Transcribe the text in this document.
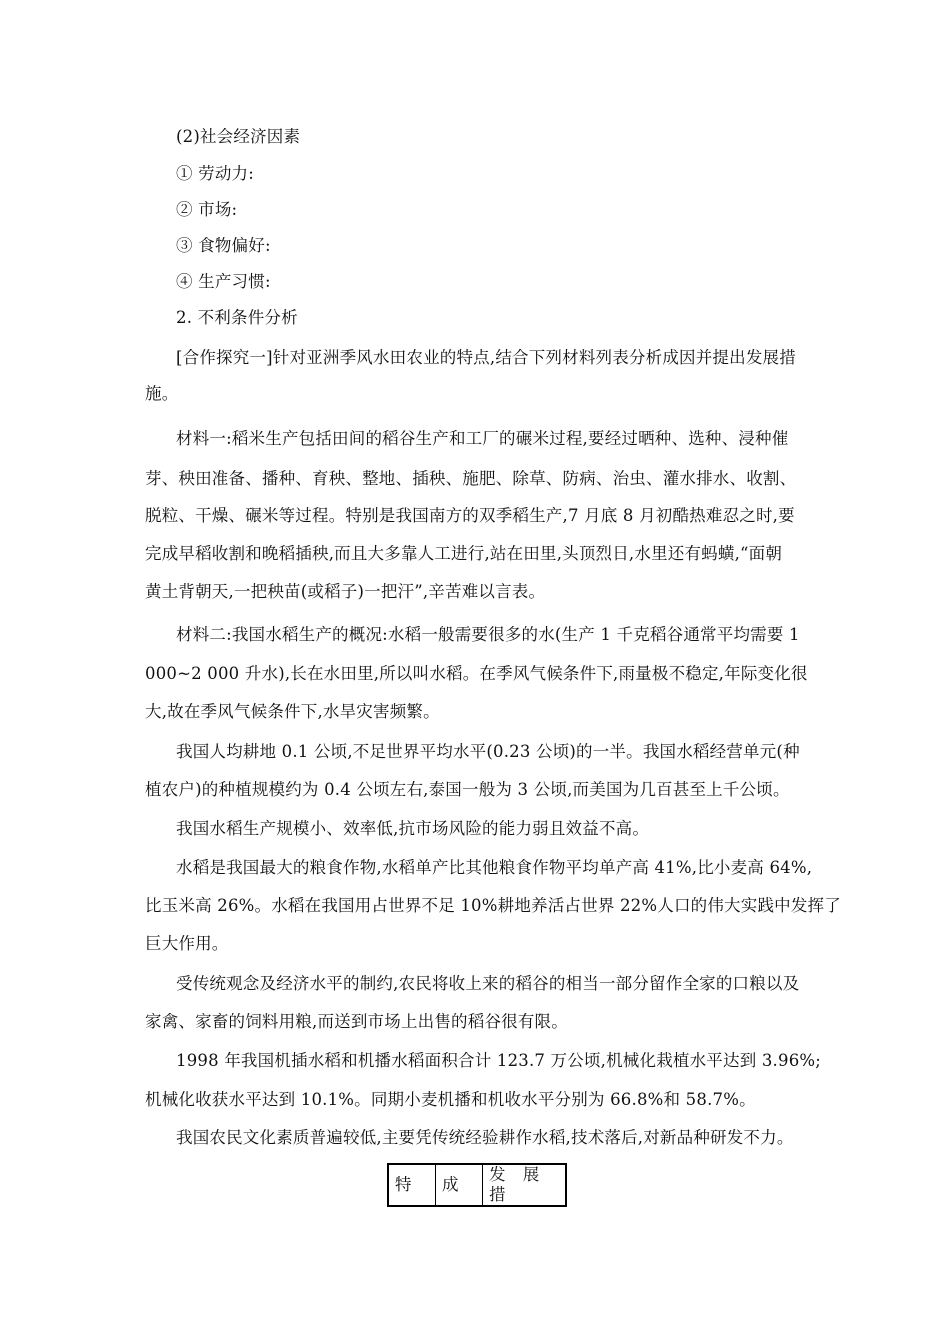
(2)社会经济因素
① 劳动力:
② 市场:
③ 食物偏好:
④ 生产习惯:
2. 不利条件分析
[合作探究一]针对亚洲季风水田农业的特点,结合下列材料列表分析成因并提出发展措
施。
材料一:稻米生产包括田间的稻谷生产和工厂的碾米过程,要经过晒种、选种、浸种催
芽、秧田准备、播种、育秧、整地、插秧、施肥、除草、防病、治虫、灌水排水、收割、
脱粒、干燥、碾米等过程。特别是我国南方的双季稻生产,7 月底 8 月初酷热难忍之时,要
完成早稻收割和晚稻插秧,而且大多靠人工进行,站在田里,头顶烈日,水里还有蚂蟥,“面朝
黄土背朝天,一把秧苗(或稻子)一把汗”,辛苦难以言表。
材料二:我国水稻生产的概况:水稻一般需要很多的水(生产 1 千克稻谷通常平均需要 1
000~2 000 升水),长在水田里,所以叫水稻。在季风气候条件下,雨量极不稳定,年际变化很
大,故在季风气候条件下,水旱灾害频繁。
我国人均耕地 0.1 公顷,不足世界平均水平(0.23 公顷)的一半。我国水稻经营单元(种
植农户)的种植规模约为 0.4 公顷左右,泰国一般为 3 公顷,而美国为几百甚至上千公顷。
我国水稻生产规模小、效率低,抗市场风险的能力弱且效益不高。
水稻是我国最大的粮食作物,水稻单产比其他粮食作物平均单产高 41%,比小麦高 64%,
比玉米高 26%。水稻在我国用占世界不足 10%耕地养活占世界 22%人口的伟大实践中发挥了
巨大作用。
受传统观念及经济水平的制约,农民将收上来的稻谷的相当一部分留作全家的口粮以及
家禽、家畜的饲料用粮,而送到市场上出售的稻谷很有限。
1998 年我国机插水稻和机播水稻面积合计 123.7 万公顷,机械化栽植水平达到 3.96%;
机械化收获水平达到 10.1%。同期小麦机播和机收水平分别为 66.8%和 58.7%。
我国农民文化素质普遍较低,主要凭传统经验耕作水稻,技术落后,对新品种研发不力。
特	成	发 展 措
